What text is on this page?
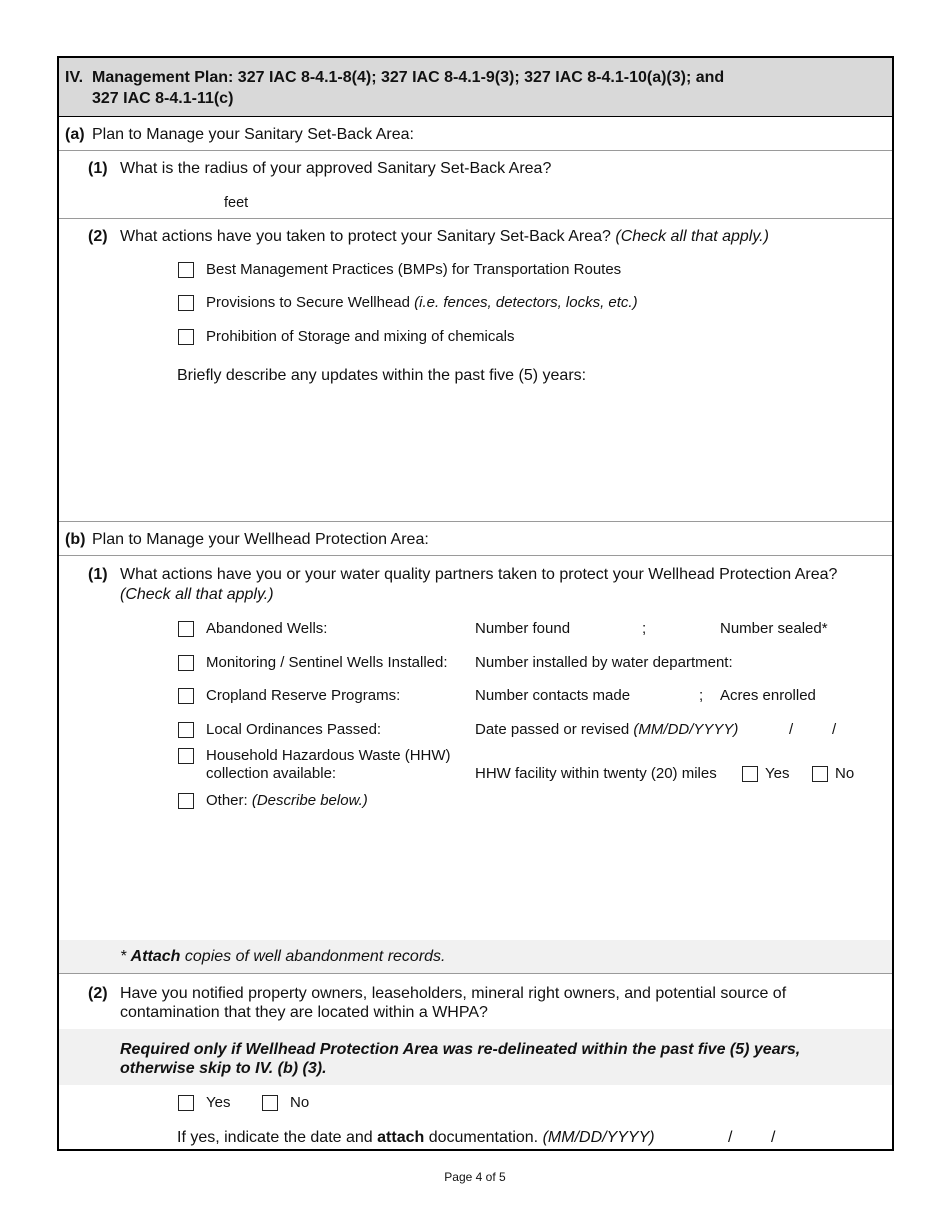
IV. Management Plan: 327 IAC 8-4.1-8(4); 327 IAC 8-4.1-9(3); 327 IAC 8-4.1-10(a)(3); and
327 IAC 8-4.1-11(c)
(a) Plan to Manage your Sanitary Set-Back Area:
(1) What is the radius of your approved Sanitary Set-Back Area?
feet
(2) What actions have you taken to protect your Sanitary Set-Back Area? (Check all that apply.)
Best Management Practices (BMPs) for Transportation Routes
Provisions to Secure Wellhead (i.e. fences, detectors, locks, etc.)
Prohibition of Storage and mixing of chemicals
Briefly describe any updates within the past five (5) years:
(b) Plan to Manage your Wellhead Protection Area:
(1) What actions have you or your water quality partners taken to protect your Wellhead Protection Area?
(Check all that apply.)
Abandoned Wells:	Number found	;	Number sealed*
Monitoring / Sentinel Wells Installed: Number installed by water department:
Cropland Reserve Programs:	Number contacts made	; Acres enrolled
Local Ordinances Passed:	Date passed or revised (MM/DD/YYYY)	/	/
Household Hazardous Waste (HHW)
collection available:	HHW facility within twenty (20) miles	Yes	No
Other: (Describe below.)
* Attach copies of well abandonment records.
(2) Have you notified property owners, leaseholders, mineral right owners, and potential source of
contamination that they are located within a WHPA?
Required only if Wellhead Protection Area was re-delineated within the past five (5) years,
otherwise skip to IV. (b) (3).
Yes	No
If yes, indicate the date and attach documentation. (MM/DD/YYYY)	/ /
Page 4 of 5
